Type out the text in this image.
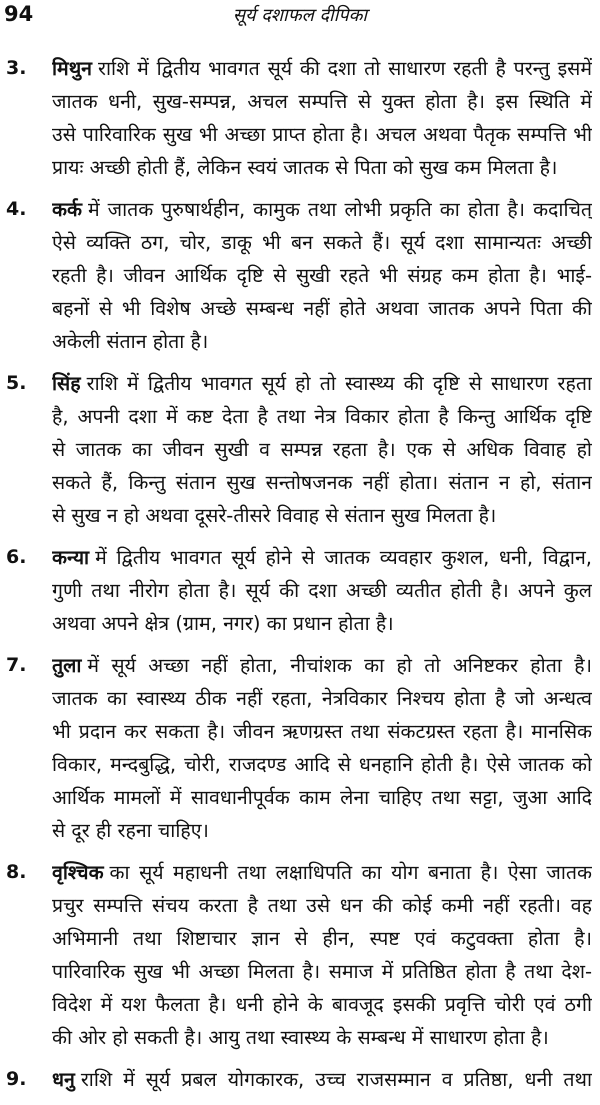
94	सूर्य दशाफल दीपिका
3. मिथुन राशि में द्वितीय भावगत सूर्य की दशा तो साधारण रहती है परन्तु इसमें
जातक धनी, सुख-सम्पन्न, अचल सम्पत्ति से युक्त होता है। इस स्थिति में
उसे पारिवारिक सुख भी अच्छा प्राप्त होता है। अचल अथवा पैतृक सम्पत्ति भी
प्रायः अच्छी होती हैं, लेकिन स्वयं जातक से पिता को सुख कम मिलता है।
4. कर्क में जातक पुरुषार्थहीन, कामुक तथा लोभी प्रकृति का होता है। कदाचित्
ऐसे व्यक्ति ठग, चोर, डाकू भी बन सकते हैं। सूर्य दशा सामान्यतः अच्छी
रहती है। जीवन आर्थिक दृष्टि से सुखी रहते भी संग्रह कम होता है। भाई-
बहनों से भी विशेष अच्छे सम्बन्ध नहीं होते अथवा जातक अपने पिता की
अकेली संतान होता है।
5. सिंह राशि में द्वितीय भावगत सूर्य हो तो स्वास्थ्य की दृष्टि से साधारण रहता
है, अपनी दशा में कष्ट देता है तथा नेत्र विकार होता है किन्तु आर्थिक दृष्टि
से जातक का जीवन सुखी व सम्पन्न रहता है। एक से अधिक विवाह हो
सकते हैं, किन्तु संतान सुख सन्तोषजनक नहीं होता। संतान न हो, संतान
से सुख न हो अथवा दूसरे-तीसरे विवाह से संतान सुख मिलता है।
6. कन्या में द्वितीय भावगत सूर्य होने से जातक व्यवहार कुशल, धनी, विद्वान,
गुणी तथा नीरोग होता है। सूर्य की दशा अच्छी व्यतीत होती है। अपने कुल
अथवा अपने क्षेत्र (ग्राम, नगर) का प्रधान होता है।
7. तुला में सूर्य अच्छा नहीं होता, नीचांशक का हो तो अनिष्टकर होता है।
जातक का स्वास्थ्य ठीक नहीं रहता, नेत्रविकार निश्चय होता है जो अन्धत्व
भी प्रदान कर सकता है। जीवन ऋणग्रस्त तथा संकटग्रस्त रहता है। मानसिक
विकार, मन्दबुद्धि, चोरी, राजदण्ड आदि से धनहानि होती है। ऐसे जातक को
आर्थिक मामलों में सावधानीपूर्वक काम लेना चाहिए तथा सट्टा, जुआ आदि
से दूर ही रहना चाहिए।
8. वृश्चिक का सूर्य महाधनी तथा लक्षाधिपति का योग बनाता है। ऐसा जातक
प्रचुर सम्पत्ति संचय करता है तथा उसे धन की कोई कमी नहीं रहती। वह
अभिमानी तथा शिष्टाचार ज्ञान से हीन, स्पष्ट एवं कटुवक्ता होता है।
पारिवारिक सुख भी अच्छा मिलता है। समाज में प्रतिष्ठित होता है तथा देश-
विदेश में यश फैलता है। धनी होने के बावजूद इसकी प्रवृत्ति चोरी एवं ठगी
की ओर हो सकती है। आयु तथा स्वास्थ्य के सम्बन्ध में साधारण होता है।
9. धनु राशि में सूर्य प्रबल योगकारक, उच्च राजसम्मान व प्रतिष्ठा, धनी तथा
